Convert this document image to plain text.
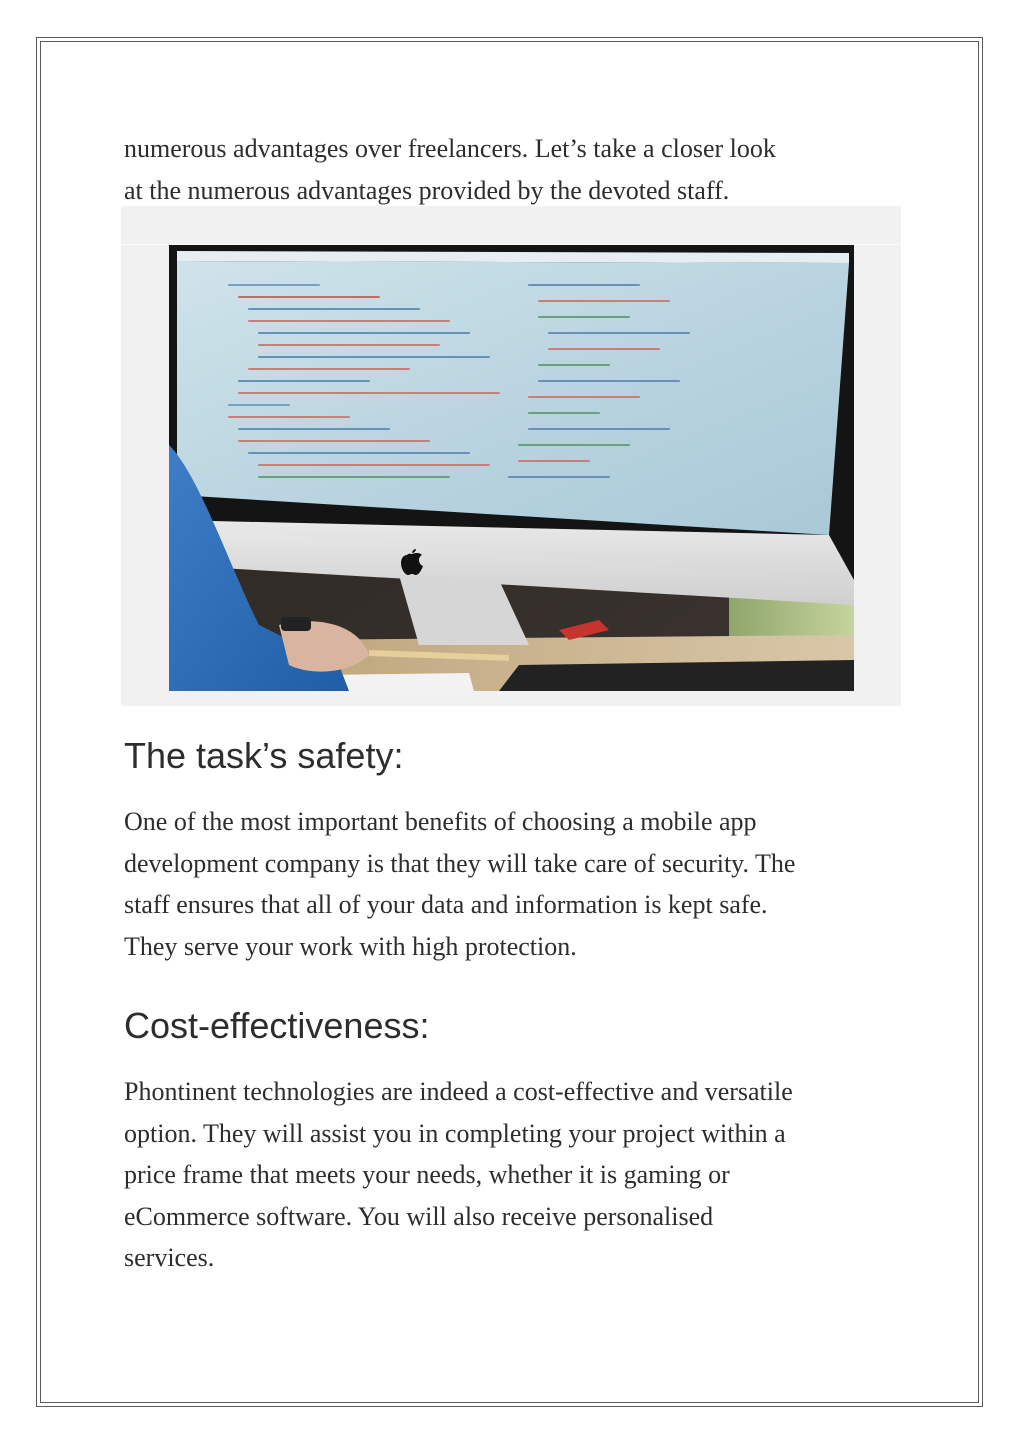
numerous advantages over freelancers. Let’s take a closer look

at the numerous advantages provided by the devoted staff.

The task’s safety:

One of the most important benefits of choosing a mobile app

development company is that they will take care of security. The

staff ensures that all of your data and information is kept safe.

They serve your work with high protection.

Cost-effectiveness:

Phontinent technologies are indeed a cost-effective and versatile

option. They will assist you in completing your project within a

price frame that meets your needs, whether it is gaming or

eCommerce software. You will also receive personalised

services.
